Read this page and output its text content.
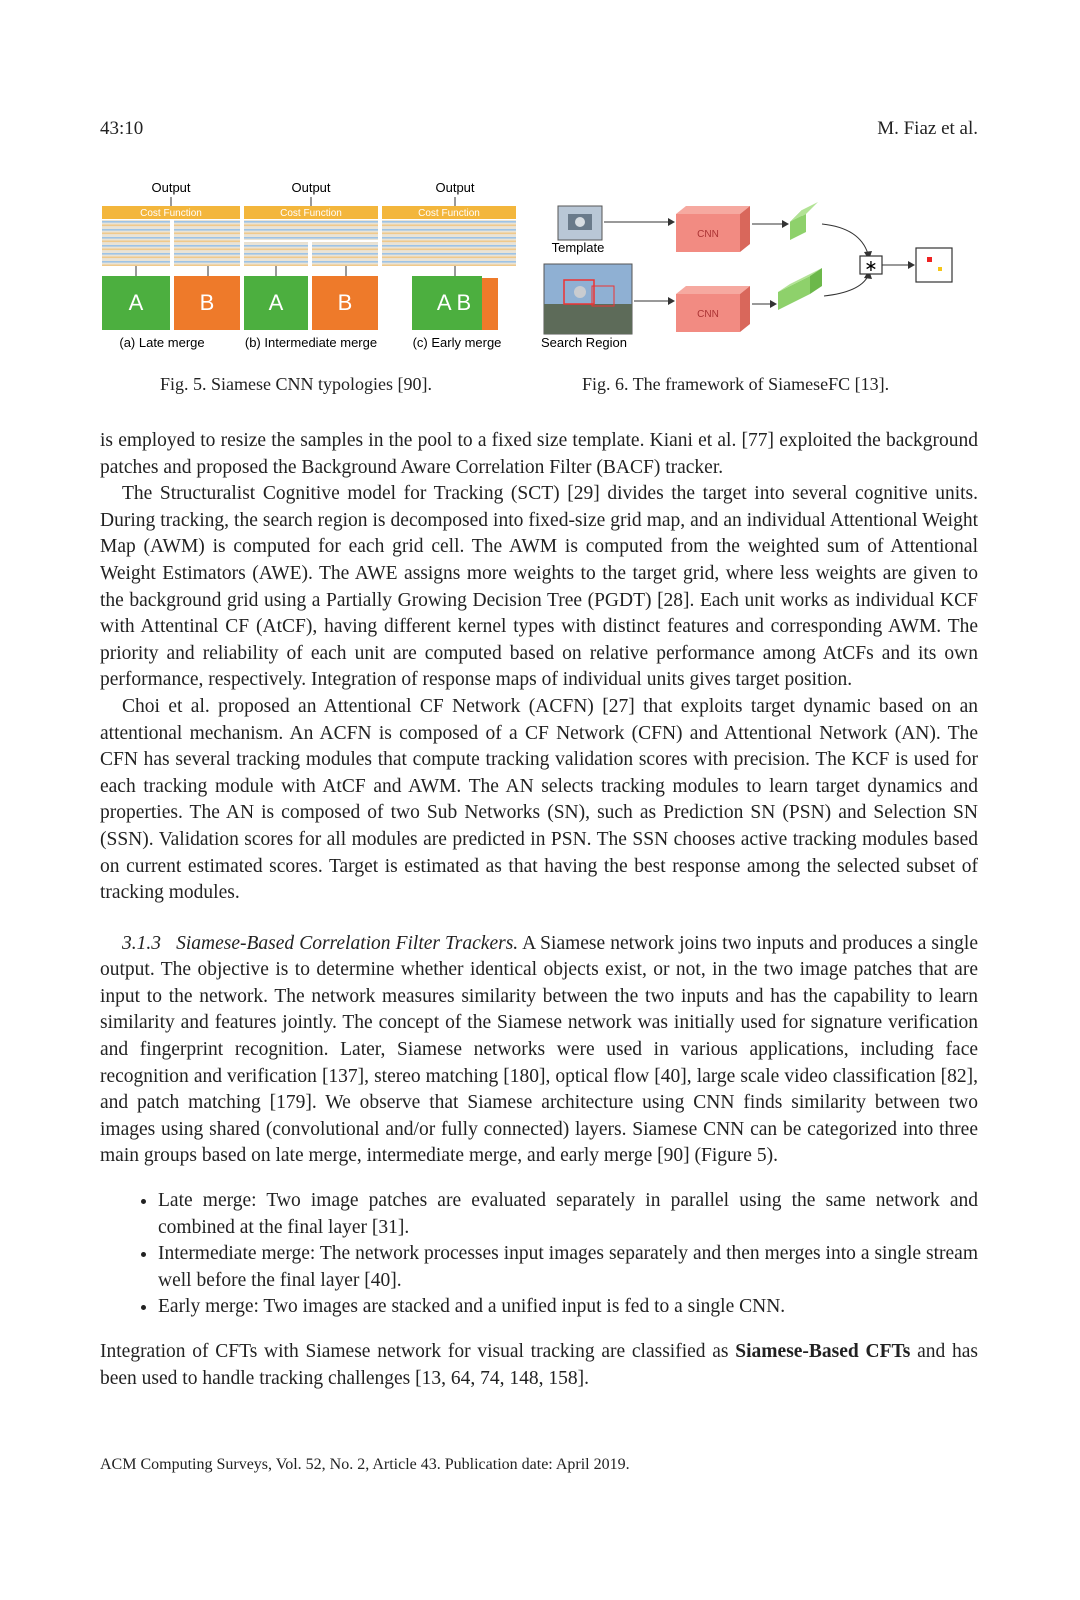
43:10	M. Fiaz et al.
Output	Output	Output
Cost Function
A	B
Cost Function
A B
Cost Function
A B
(a) Late merge	(b) Intermediate merge	(c) Early merge
Fig. 5. Siamese CNN typologies [90].
Template
Search Region
CNN
CNN
∗
Fig. 6. The framework of SiameseFC [13].

is employed to resize the samples in the pool to a fixed size template. Kiani et al. [77] exploited the background patches and proposed the Background Aware Correlation Filter (BACF) tracker.

The Structuralist Cognitive model for Tracking (SCT) [29] divides the target into several cognitive units. During tracking, the search region is decomposed into fixed-size grid map, and an individual Attentional Weight Map (AWM) is computed for each grid cell. The AWM is computed from the weighted sum of Attentional Weight Estimators (AWE). The AWE assigns more weights to the target grid, where less weights are given to the background grid using a Partially Growing Decision Tree (PGDT) [28]. Each unit works as individual KCF with Attentinal CF (AtCF), having different kernel types with distinct features and corresponding AWM. The priority and reliability of each unit are computed based on relative performance among AtCFs and its own performance, respectively. Integration of response maps of individual units gives target position.

Choi et al. proposed an Attentional CF Network (ACFN) [27] that exploits target dynamic based on an attentional mechanism. An ACFN is composed of a CF Network (CFN) and Attentional Network (AN). The CFN has several tracking modules that compute tracking validation scores with precision. The KCF is used for each tracking module with AtCF and AWM. The AN selects tracking modules to learn target dynamics and properties. The AN is composed of two Sub Networks (SN), such as Prediction SN (PSN) and Selection SN (SSN). Validation scores for all modules are predicted in PSN. The SSN chooses active tracking modules based on current estimated scores. Target is estimated as that having the best response among the selected subset of tracking modules.

3.1.3 Siamese-Based Correlation Filter Trackers. A Siamese network joins two inputs and produces a single output. The objective is to determine whether identical objects exist, or not, in the two image patches that are input to the network. The network measures similarity between the two inputs and has the capability to learn similarity and features jointly. The concept of the Siamese network was initially used for signature verification and fingerprint recognition. Later, Siamese networks were used in various applications, including face recognition and verification [137], stereo matching [180], optical flow [40], large scale video classification [82], and patch matching [179]. We observe that Siamese architecture using CNN finds similarity between two images using shared (convolutional and/or fully connected) layers. Siamese CNN can be categorized into three main groups based on late merge, intermediate merge, and early merge [90] (Figure 5).

• Late merge: Two image patches are evaluated separately in parallel using the same network and combined at the final layer [31].
• Intermediate merge: The network processes input images separately and then merges into a single stream well before the final layer [40].
• Early merge: Two images are stacked and a unified input is fed to a single CNN.

Integration of CFTs with Siamese network for visual tracking are classified as Siamese-Based CFTs and has been used to handle tracking challenges [13, 64, 74, 148, 158].

ACM Computing Surveys, Vol. 52, No. 2, Article 43. Publication date: April 2019.
